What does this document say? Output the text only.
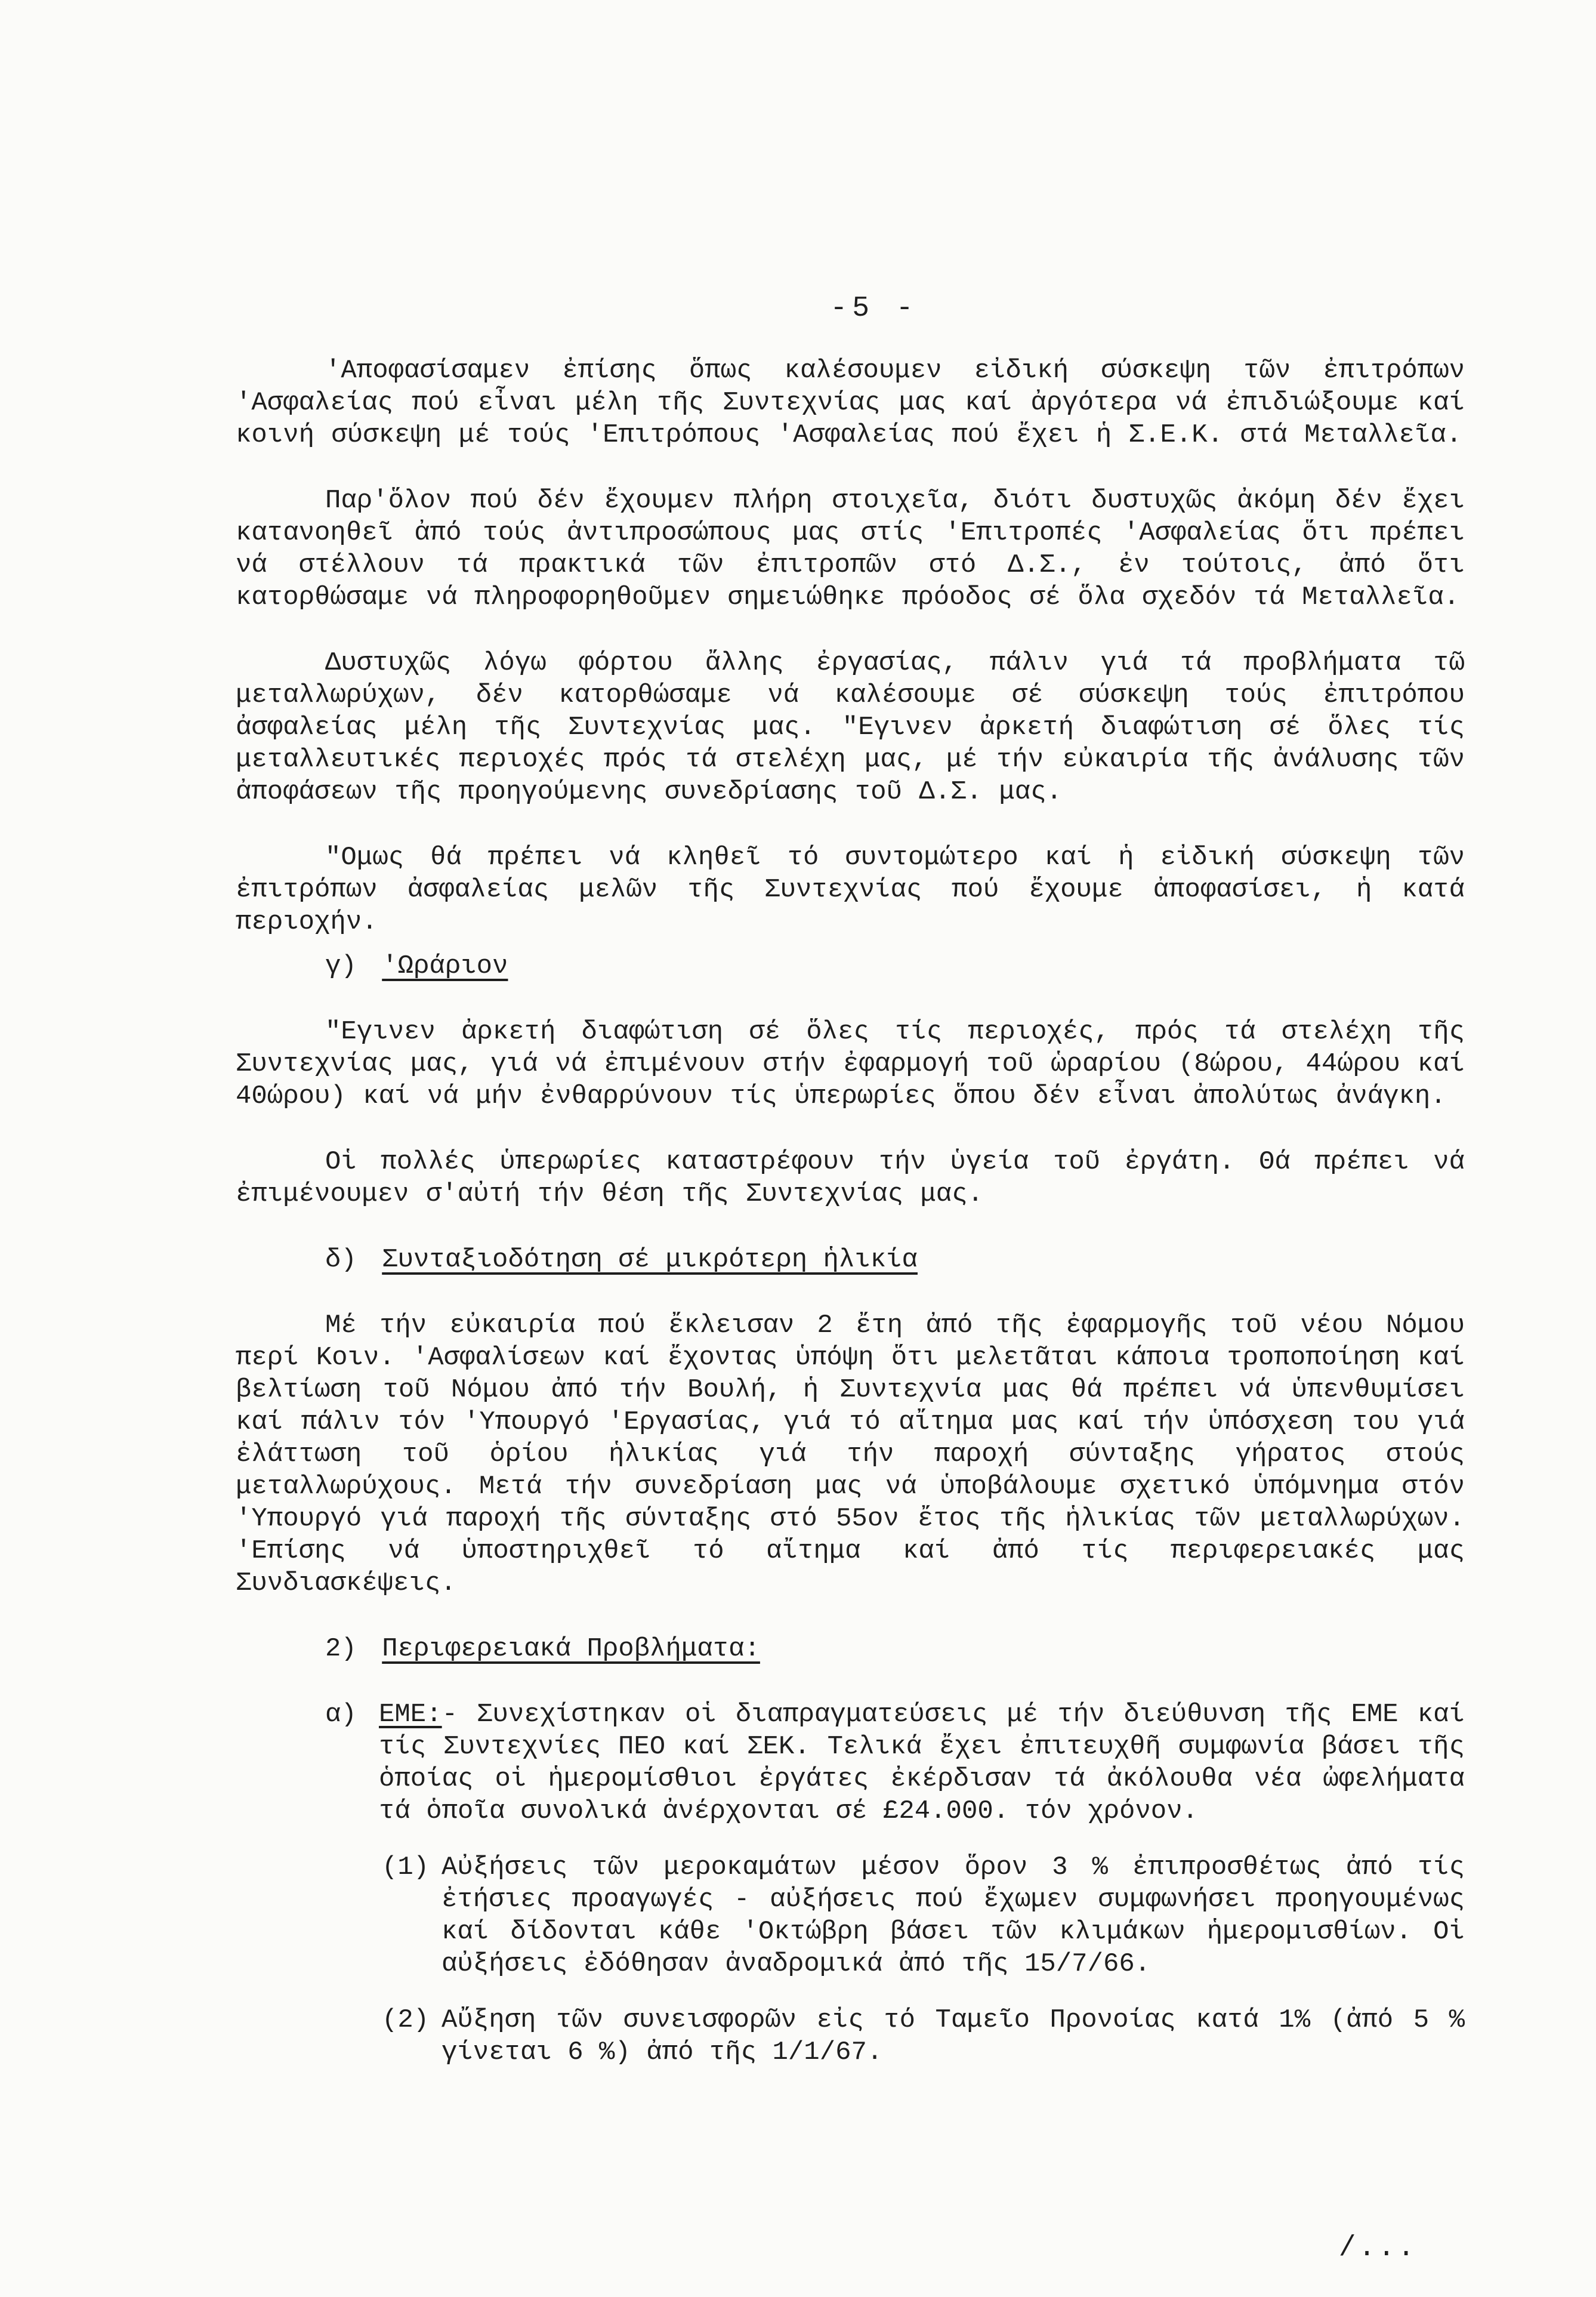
-5 -

'Αποφασίσαμεν ἐπίσης ὅπως καλέσουμεν εἰδική σύσκεψη τῶν ἐπιτρόπων 'Ασφαλείας πού εἶναι μέλη τῆς Συντεχνίας μας καί ἀργότερα νά ἐπιδιώξουμε καί κοινή σύσκεψη μέ τούς 'Επιτρόπους 'Ασφαλείας πού ἔχει ἡ Σ.Ε.Κ. στά Μεταλλεῖα.

Παρ'ὅλον πού δέν ἔχουμεν πλήρη στοιχεῖα, διότι δυστυχῶς ἀκόμη δέν ἔχει κατανοηθεῖ ἀπό τούς ἀντιπροσώπους μας στίς 'Επιτροπές 'Ασφαλείας ὅτι πρέπει νά στέλλουν τά πρακτικά τῶν ἐπιτροπῶν στό Δ.Σ., ἐν τούτοις, ἀπό ὅτι κατορθώσαμε νά πληροφορηθοῦμεν σημειώθηκε πρόοδος σέ ὅλα σχεδόν τά Μεταλλεῖα.

Δυστυχῶς λόγω φόρτου ἄλλης ἐργασίας, πάλιν γιά τά προβλήματα τῶ μεταλλωρύχων, δέν κατορθώσαμε νά καλέσουμε σέ σύσκεψη τούς ἐπιτρόπου ἀσφαλείας μέλη τῆς Συντεχνίας μας. "Εγινεν ἀρκετή διαφώτιση σέ ὅλες τίς μεταλλευτικές περιοχές πρός τά στελέχη μας, μέ τήν εὐκαιρία τῆς ἀνάλυσης τῶν ἀποφάσεων τῆς προηγούμενης συνεδρίασης τοῦ Δ.Σ. μας.

"Ομως θά πρέπει νά κληθεῖ τό συντομώτερο καί ἡ εἰδική σύσκεψη τῶν ἐπιτρόπων ἀσφαλείας μελῶν τῆς Συντεχνίας πού ἔχουμε ἀποφασίσει, ἡ κατά περιοχήν.

γ) 'Ωράριον

"Εγινεν ἀρκετή διαφώτιση σέ ὅλες τίς περιοχές, πρός τά στελέχη τῆς Συντεχνίας μας, γιά νά ἐπιμένουν στήν ἐφαρμογή τοῦ ὡραρίου (8ώρου, 44ώρου καί 40ώρου) καί νά μήν ἐνθαρρύνουν τίς ὑπερωρίες ὅπου δέν εἶναι ἀπολύτως ἀνάγκη.

Οἱ πολλές ὑπερωρίες καταστρέφουν τήν ὑγεία τοῦ ἐργάτη. Θά πρέπει νά ἐπιμένουμεν σ'αὐτή τήν θέση τῆς Συντεχνίας μας.

δ) Συνταξιοδότηση σέ μικρότερη ἡλικία

Μέ τήν εὐκαιρία πού ἔκλεισαν 2 ἔτη ἀπό τῆς ἐφαρμογῆς τοῦ νέου Νόμου περί Κοιν. 'Ασφαλίσεων καί ἔχοντας ὑπόψη ὅτι μελετᾶται κάποια τροποποίηση καί βελτίωση τοῦ Νόμου ἀπό τήν Βουλή, ἡ Συντεχνία μας θά πρέπει νά ὑπενθυμίσει καί πάλιν τόν 'Υπουργό 'Εργασίας, γιά τό αἴτημα μας καί τήν ὑπόσχεση του γιά ἐλάττωση τοῦ ὁρίου ἡλικίας γιά τήν παροχή σύνταξης γήρατος στούς μεταλλωρύχους. Μετά τήν συνεδρίαση μας νά ὑποβάλουμε σχετικό ὑπόμνημα στόν 'Υπουργό γιά παροχή τῆς σύνταξης στό 55ον ἔτος τῆς ἡλικίας τῶν μεταλλωρύχων. 'Επίσης νά ὑποστηριχθεῖ τό αἴτημα καί ἀπό τίς περιφερειακές μας Συνδιασκέψεις.

2) Περιφερειακά Προβλήματα:
α) ΕΜΕ:- Συνεχίστηκαν οἱ διαπραγματεύσεις μέ τήν διεύθυνση τῆς ΕΜΕ καί τίς Συντεχνίες ΠΕΟ καί ΣΕΚ. Τελικά ἔχει ἐπιτευχθῆ συμφωνία βάσει τῆς ὁποίας οἱ ἡμερομίσθιοι ἐργάτες ἐκέρδισαν τά ἀκόλουθα νέα ὠφελήματα τά ὁποῖα συνολικά ἀνέρχονται σέ £24.000. τόν χρόνον.
(1) Αὐξήσεις τῶν μεροκαμάτων μέσον ὅρον 3 % ἐπιπροσθέτως ἀπό τίς ἐτήσιες προαγωγές - αὐξήσεις πού ἔχωμεν συμφωνήσει προηγουμένως καί δίδονται κάθε 'Οκτώβρη βάσει τῶν κλιμάκων ἡμερομισθίων. Οἱ αὐξήσεις ἐδόθησαν ἀναδρομικά ἀπό τῆς 15/7/66.
(2) Αὔξηση τῶν συνεισφορῶν εἰς τό Ταμεῖο Προνοίας κατά 1% (ἀπό 5 % γίνεται 6 %) ἀπό τῆς 1/1/67.
/...
